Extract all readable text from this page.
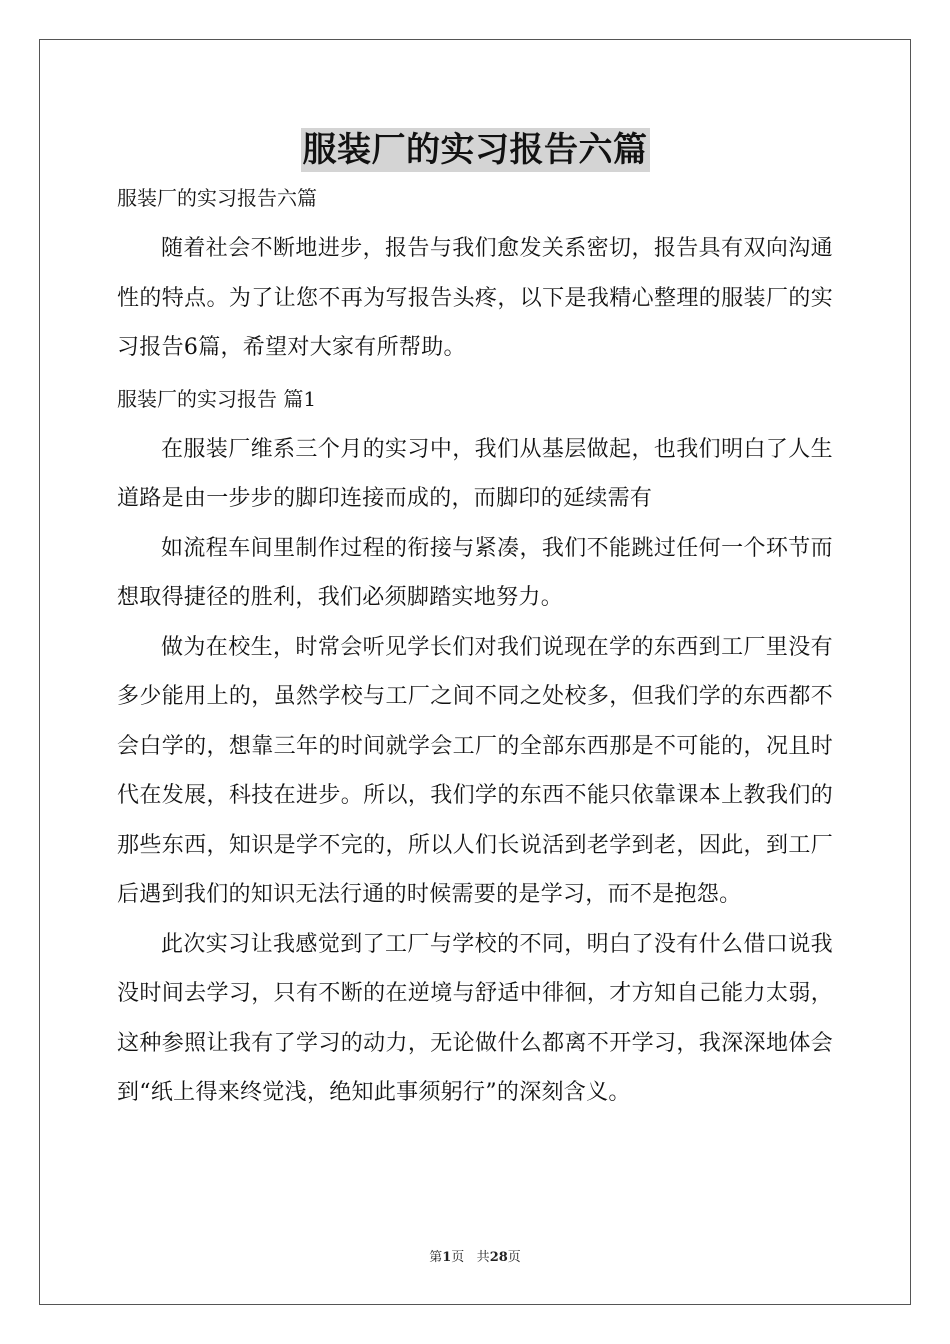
服装厂的实习报告六篇

服装厂的实习报告六篇

随着社会不断地进步，报告与我们愈发关系密切，报告具有双向沟通性的特点。为了让您不再为写报告头疼，以下是我精心整理的服装厂的实习报告6篇，希望对大家有所帮助。

服装厂的实习报告 篇1

在服装厂维系三个月的实习中，我们从基层做起，也我们明白了人生道路是由一步步的脚印连接而成的，而脚印的延续需有

如流程车间里制作过程的衔接与紧凑，我们不能跳过任何一个环节而想取得捷径的胜利，我们必须脚踏实地努力。

做为在校生，时常会听见学长们对我们说现在学的东西到工厂里没有多少能用上的，虽然学校与工厂之间不同之处校多，但我们学的东西都不会白学的，想靠三年的时间就学会工厂的全部东西那是不可能的，况且时代在发展，科技在进步。所以，我们学的东西不能只依靠课本上教我们的那些东西，知识是学不完的，所以人们长说活到老学到老，因此，到工厂后遇到我们的知识无法行通的时候需要的是学习，而不是抱怨。

此次实习让我感觉到了工厂与学校的不同，明白了没有什么借口说我没时间去学习，只有不断的在逆境与舒适中徘徊，才方知自己能力太弱，这种参照让我有了学习的动力，无论做什么都离不开学习，我深深地体会到“纸上得来终觉浅，绝知此事须躬行”的深刻含义。

第1页 共28页
